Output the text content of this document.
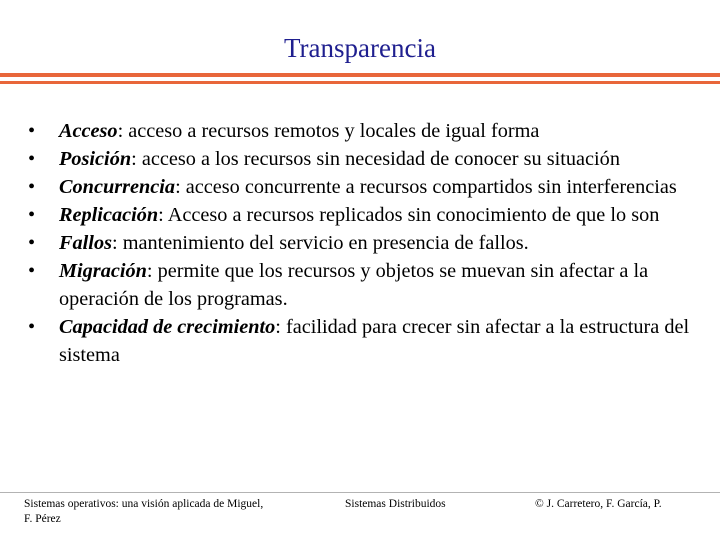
Transparencia
• Acceso: acceso a recursos remotos y locales de igual forma
• Posición: acceso a los recursos sin necesidad de conocer su situación
• Concurrencia: acceso concurrente a recursos compartidos sin interferencias
• Replicación: Acceso a recursos replicados sin conocimiento de que lo son
• Fallos: mantenimiento del servicio en presencia de fallos.
• Migración: permite que los recursos y objetos se muevan sin afectar a la operación de los programas.
• Capacidad de crecimiento: facilidad para crecer sin afectar a la estructura del sistema
Sistemas operativos: una visión aplicada de Miguel, F. Pérez
Sistemas Distribuidos	© J. Carretero, F. García, P.
